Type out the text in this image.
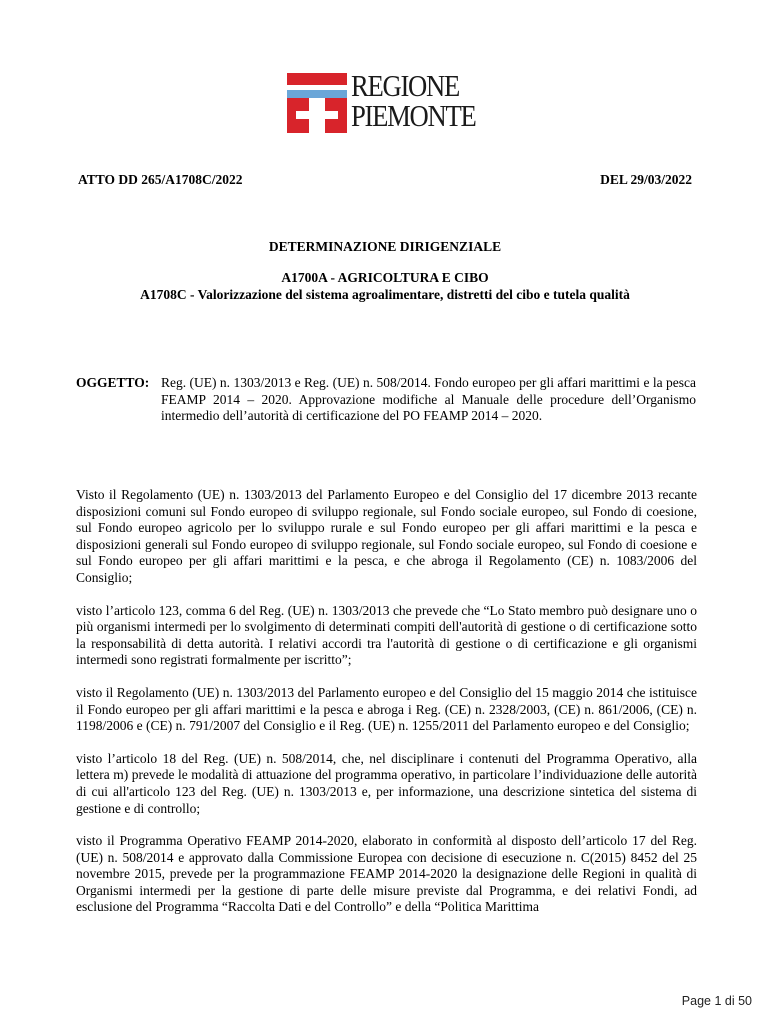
REGIONE
PIEMONTE
ATTO DD 265/A1708C/2022	DEL 29/03/2022
DETERMINAZIONE DIRIGENZIALE
A1700A - AGRICOLTURA E CIBO
A1708C - Valorizzazione del sistema agroalimentare, distretti del cibo e tutela qualità
OGGETTO: Reg. (UE) n. 1303/2013 e Reg. (UE) n. 508/2014. Fondo europeo per gli affari marittimi e la pesca FEAMP 2014 – 2020. Approvazione modifiche al Manuale delle procedure dell’Organismo intermedio dell’autorità di certificazione del PO FEAMP 2014 – 2020.

Visto il Regolamento (UE) n. 1303/2013 del Parlamento Europeo e del Consiglio del 17 dicembre 2013 recante disposizioni comuni sul Fondo europeo di sviluppo regionale, sul Fondo sociale europeo, sul Fondo di coesione, sul Fondo europeo agricolo per lo sviluppo rurale e sul Fondo europeo per gli affari marittimi e la pesca e disposizioni generali sul Fondo europeo di sviluppo regionale, sul Fondo sociale europeo, sul Fondo di coesione e sul Fondo europeo per gli affari marittimi e la pesca, e che abroga il Regolamento (CE) n. 1083/2006 del Consiglio;

visto l’articolo 123, comma 6 del Reg. (UE) n. 1303/2013 che prevede che “Lo Stato membro può designare uno o più organismi intermedi per lo svolgimento di determinati compiti dell'autorità di gestione o di certificazione sotto la responsabilità di detta autorità. I relativi accordi tra l'autorità di gestione o di certificazione e gli organismi intermedi sono registrati formalmente per iscritto”;

visto il Regolamento (UE) n. 1303/2013 del Parlamento europeo e del Consiglio del 15 maggio 2014 che istituisce il Fondo europeo per gli affari marittimi e la pesca e abroga i Reg. (CE) n. 2328/2003, (CE) n. 861/2006, (CE) n. 1198/2006 e (CE) n. 791/2007 del Consiglio e il Reg. (UE) n. 1255/2011 del Parlamento europeo e del Consiglio;

visto l’articolo 18 del Reg. (UE) n. 508/2014, che, nel disciplinare i contenuti del Programma Operativo, alla lettera m) prevede le modalità di attuazione del programma operativo, in particolare l’individuazione delle autorità di cui all'articolo 123 del Reg. (UE) n. 1303/2013 e, per informazione, una descrizione sintetica del sistema di gestione e di controllo;

visto il Programma Operativo FEAMP 2014-2020, elaborato in conformità al disposto dell’articolo 17 del Reg. (UE) n. 508/2014 e approvato dalla Commissione Europea con decisione di esecuzione n. C(2015) 8452 del 25 novembre 2015, prevede per la programmazione FEAMP 2014-2020 la designazione delle Regioni in qualità di Organismi intermedi per la gestione di parte delle misure previste dal Programma, e dei relativi Fondi, ad esclusione del Programma “Raccolta Dati e del Controllo” e della “Politica Marittima

Page 1 di 50
